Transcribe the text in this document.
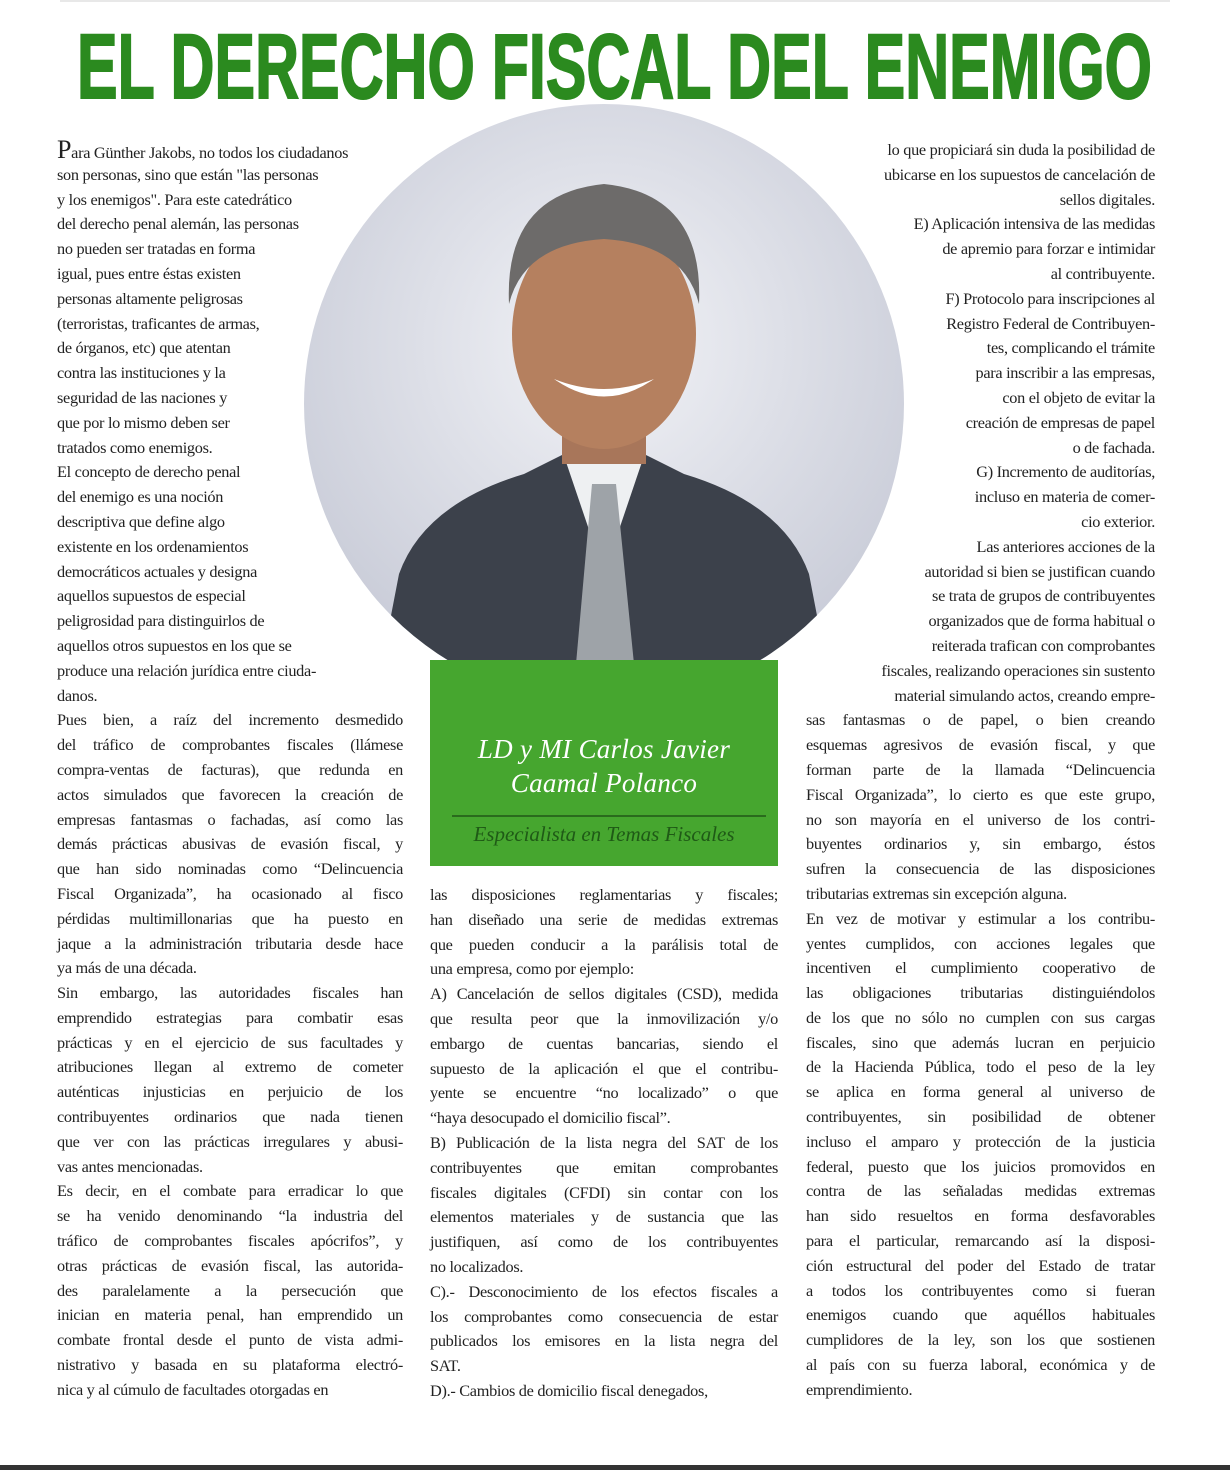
EL DERECHO FISCAL DEL ENEMIGO
LD y MI Carlos Javier
Caamal Polanco
Especialista en Temas Fiscales
Para Günther Jakobs, no todos los ciudadanos
son personas, sino que están "las personas
y los enemigos". Para este catedrático
del derecho penal alemán, las personas
no pueden ser tratadas en forma
igual, pues entre éstas existen
personas altamente peligrosas
(terroristas, traficantes de armas,
de órganos, etc) que atentan
contra las instituciones y la
seguridad de las naciones y
que por lo mismo deben ser
tratados como enemigos.
El concepto de derecho penal
del enemigo es una noción
descriptiva que define algo
existente en los ordenamientos
democráticos actuales y designa
aquellos supuestos de especial
peligrosidad para distinguirlos de
aquellos otros supuestos en los que se
produce una relación jurídica entre ciuda-
danos.
Pues bien, a raíz del incremento desmedido
del tráfico de comprobantes fiscales (llámese
compra-ventas de facturas), que redunda en
actos simulados que favorecen la creación de
empresas fantasmas o fachadas, así como las
demás prácticas abusivas de evasión fiscal, y
que han sido nominadas como “Delincuencia
Fiscal Organizada”, ha ocasionado al fisco
pérdidas multimillonarias que ha puesto en
jaque a la administración tributaria desde hace
ya más de una década.
Sin embargo, las autoridades fiscales han
emprendido estrategias para combatir esas
prácticas y en el ejercicio de sus facultades y
atribuciones llegan al extremo de cometer
auténticas injusticias en perjuicio de los
contribuyentes ordinarios que nada tienen
que ver con las prácticas irregulares y abusi-
vas antes mencionadas.
Es decir, en el combate para erradicar lo que
se ha venido denominando “la industria del
tráfico de comprobantes fiscales apócrifos”, y
otras prácticas de evasión fiscal, las autorida-
des paralelamente a la persecución que
inician en materia penal, han emprendido un
combate frontal desde el punto de vista admi-
nistrativo y basada en su plataforma electró-
nica y al cúmulo de facultades otorgadas en
las disposiciones reglamentarias y fiscales;
han diseñado una serie de medidas extremas
que pueden conducir a la parálisis total de
una empresa, como por ejemplo:
A) Cancelación de sellos digitales (CSD), medida
que resulta peor que la inmovilización y/o
embargo de cuentas bancarias, siendo el
supuesto de la aplicación el que el contribu-
yente se encuentre “no localizado” o que
“haya desocupado el domicilio fiscal”.
B) Publicación de la lista negra del SAT de los
contribuyentes que emitan comprobantes
fiscales digitales (CFDI) sin contar con los
elementos materiales y de sustancia que las
justifiquen, así como de los contribuyentes
no localizados.
C).- Desconocimiento de los efectos fiscales a
los comprobantes como consecuencia de estar
publicados los emisores en la lista negra del
SAT.
D).- Cambios de domicilio fiscal denegados,
lo que propiciará sin duda la posibilidad de
ubicarse en los supuestos de cancelación de
sellos digitales.
E) Aplicación intensiva de las medidas
de apremio para forzar e intimidar
al contribuyente.
F) Protocolo para inscripciones al
Registro Federal de Contribuyen-
tes, complicando el trámite
para inscribir a las empresas,
con el objeto de evitar la
creación de empresas de papel
o de fachada.
G) Incremento de auditorías,
incluso en materia de comer-
cio exterior.
Las anteriores acciones de la
autoridad si bien se justifican cuando
se trata de grupos de contribuyentes
organizados que de forma habitual o
reiterada trafican con comprobantes
fiscales, realizando operaciones sin sustento
material simulando actos, creando empre-
sas fantasmas o de papel, o bien creando
esquemas agresivos de evasión fiscal, y que
forman parte de la llamada “Delincuencia
Fiscal Organizada”, lo cierto es que este grupo,
no son mayoría en el universo de los contri-
buyentes ordinarios y, sin embargo, éstos
sufren la consecuencia de las disposiciones
tributarias extremas sin excepción alguna.
En vez de motivar y estimular a los contribu-
yentes cumplidos, con acciones legales que
incentiven el cumplimiento cooperativo de
las obligaciones tributarias distinguiéndolos
de los que no sólo no cumplen con sus cargas
fiscales, sino que además lucran en perjuicio
de la Hacienda Pública, todo el peso de la ley
se aplica en forma general al universo de
contribuyentes, sin posibilidad de obtener
incluso el amparo y protección de la justicia
federal, puesto que los juicios promovidos en
contra de las señaladas medidas extremas
han sido resueltos en forma desfavorables
para el particular, remarcando así la disposi-
ción estructural del poder del Estado de tratar
a todos los contribuyentes como si fueran
enemigos cuando que aquéllos habituales
cumplidores de la ley, son los que sostienen
al país con su fuerza laboral, económica y de
emprendimiento.
